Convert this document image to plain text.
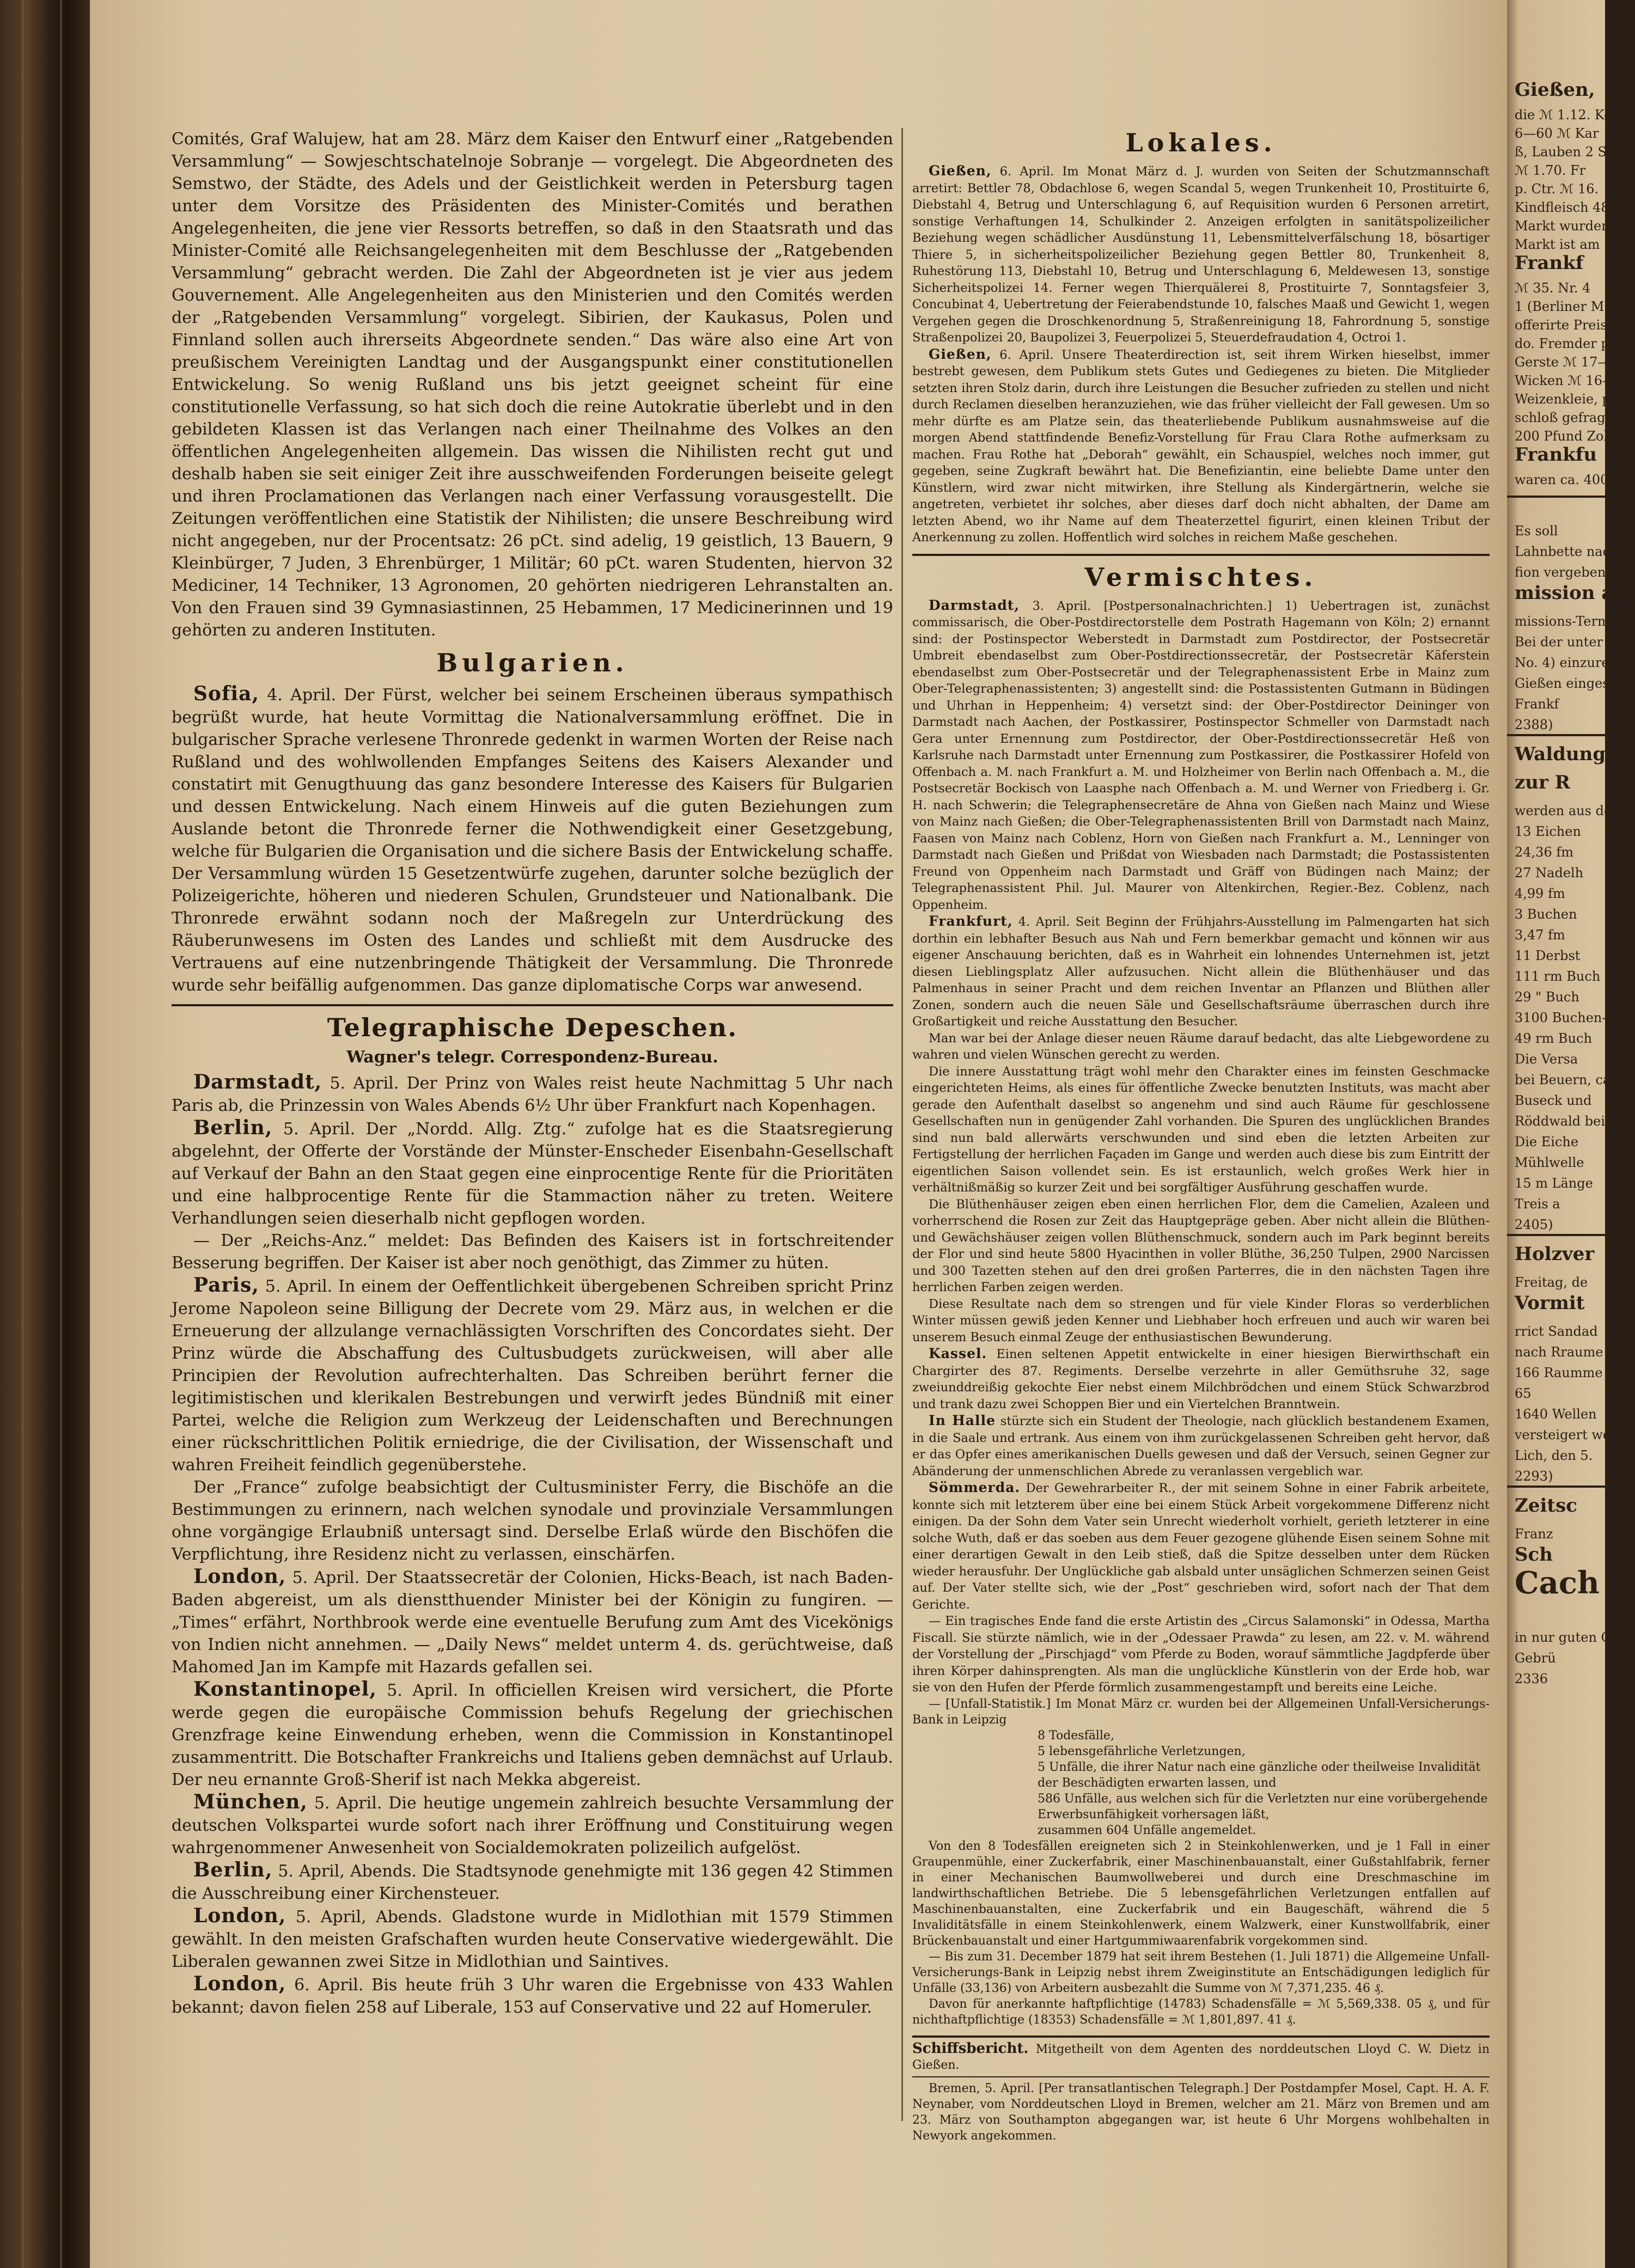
Comités, Graf Walujew, hat am 28. März dem Kaiser den Entwurf einer „Ratgebenden Versammlung“ — Sowjeschtschatelnoje Sobranje — vorgelegt. Die Abgeordneten des Semstwo, der Städte, des Adels und der Geistlichkeit werden in Petersburg tagen unter dem Vorsitze des Präsidenten des Minister-Comités und berathen Angelegenheiten, die jene vier Ressorts betreffen, so daß in den Staatsrath und das Minister-Comité alle Reichsangelegenheiten mit dem Beschlusse der „Ratgebenden Versammlung“ gebracht werden. Die Zahl der Abgeordneten ist je vier aus jedem Gouvernement. Alle Angelegenheiten aus den Ministerien und den Comités werden der „Ratgebenden Versammlung“ vorgelegt. Sibirien, der Kaukasus, Polen und Finnland sollen auch ihrerseits Abgeordnete senden.“ Das wäre also eine Art von preußischem Vereinigten Landtag und der Ausgangspunkt einer constitutionellen Entwickelung. So wenig Rußland uns bis jetzt geeignet scheint für eine constitutionelle Verfassung, so hat sich doch die reine Autokratie überlebt und in den gebildeten Klassen ist das Verlangen nach einer Theilnahme des Volkes an den öffentlichen Angelegenheiten allgemein. Das wissen die Nihilisten recht gut und deshalb haben sie seit einiger Zeit ihre ausschweifenden Forderungen beiseite gelegt und ihren Proclamationen das Verlangen nach einer Verfassung vorausgestellt. Die Zeitungen veröffentlichen eine Statistik der Nihilisten; die unsere Beschreibung wird nicht angegeben, nur der Procentsatz: 26 pCt. sind adelig, 19 geistlich, 13 Bauern, 9 Kleinbürger, 7 Juden, 3 Ehrenbürger, 1 Militär; 60 pCt. waren Studenten, hiervon 32 Mediciner, 14 Techniker, 13 Agronomen, 20 gehörten niedrigeren Lehranstalten an. Von den Frauen sind 39 Gymnasiastinnen, 25 Hebammen, 17 Medicinerinnen und 19 gehörten zu anderen Instituten.

Bulgarien.

Sofia, 4. April. Der Fürst, welcher bei seinem Erscheinen überaus sympathisch begrüßt wurde, hat heute Vormittag die Nationalversammlung eröffnet. Die in bulgarischer Sprache verlesene Thronrede gedenkt in warmen Worten der Reise nach Rußland und des wohlwollenden Empfanges Seitens des Kaisers Alexander und constatirt mit Genugthuung das ganz besondere Interesse des Kaisers für Bulgarien und dessen Entwickelung. Nach einem Hinweis auf die guten Beziehungen zum Auslande betont die Thronrede ferner die Nothwendigkeit einer Gesetzgebung, welche für Bulgarien die Organisation und die sichere Basis der Entwickelung schaffe. Der Versammlung würden 15 Gesetzentwürfe zugehen, darunter solche bezüglich der Polizeigerichte, höheren und niederen Schulen, Grundsteuer und Nationalbank. Die Thronrede erwähnt sodann noch der Maßregeln zur Unterdrückung des Räuberunwesens im Osten des Landes und schließt mit dem Ausdrucke des Vertrauens auf eine nutzenbringende Thätigkeit der Versammlung. Die Thronrede wurde sehr beifällig aufgenommen. Das ganze diplomatische Corps war anwesend.

Telegraphische Depeschen.
Wagner's telegr. Correspondenz-Bureau.

Darmstadt, 5. April. Der Prinz von Wales reist heute Nachmittag 5 Uhr nach Paris ab, die Prinzessin von Wales Abends 6½ Uhr über Frankfurt nach Kopenhagen.

Berlin, 5. April. Der „Nordd. Allg. Ztg.“ zufolge hat es die Staatsregierung abgelehnt, der Offerte der Vorstände der Münster-Enscheder Eisenbahn-Gesellschaft auf Verkauf der Bahn an den Staat gegen eine einprocentige Rente für die Prioritäten und eine halbprocentige Rente für die Stammaction näher zu treten. Weitere Verhandlungen seien dieserhalb nicht gepflogen worden.

— Der „Reichs-Anz.“ meldet: Das Befinden des Kaisers ist in fortschreitender Besserung begriffen. Der Kaiser ist aber noch genöthigt, das Zimmer zu hüten.

Paris, 5. April. In einem der Oeffentlichkeit übergebenen Schreiben spricht Prinz Jerome Napoleon seine Billigung der Decrete vom 29. März aus, in welchen er die Erneuerung der allzulange vernachlässigten Vorschriften des Concordates sieht. Der Prinz würde die Abschaffung des Cultusbudgets zurückweisen, will aber alle Principien der Revolution aufrechterhalten. Das Schreiben berührt ferner die legitimistischen und klerikalen Bestrebungen und verwirft jedes Bündniß mit einer Partei, welche die Religion zum Werkzeug der Leidenschaften und Berechnungen einer rückschrittlichen Politik erniedrige, die der Civilisation, der Wissenschaft und wahren Freiheit feindlich gegenüberstehe.

Der „France“ zufolge beabsichtigt der Cultusminister Ferry, die Bischöfe an die Bestimmungen zu erinnern, nach welchen synodale und provinziale Versammlungen ohne vorgängige Erlaubniß untersagt sind. Derselbe Erlaß würde den Bischöfen die Verpflichtung, ihre Residenz nicht zu verlassen, einschärfen.

London, 5. April. Der Staatssecretär der Colonien, Hicks-Beach, ist nach Baden-Baden abgereist, um als dienstthuender Minister bei der Königin zu fungiren. — „Times“ erfährt, Northbrook werde eine eventuelle Berufung zum Amt des Vicekönigs von Indien nicht annehmen. — „Daily News“ meldet unterm 4. ds. gerüchtweise, daß Mahomed Jan im Kampfe mit Hazards gefallen sei.

Konstantinopel, 5. April. In officiellen Kreisen wird versichert, die Pforte werde gegen die europäische Commission behufs Regelung der griechischen Grenzfrage keine Einwendung erheben, wenn die Commission in Konstantinopel zusammentritt. Die Botschafter Frankreichs und Italiens geben demnächst auf Urlaub. Der neu ernannte Groß-Sherif ist nach Mekka abgereist.

München, 5. April. Die heutige ungemein zahlreich besuchte Versammlung der deutschen Volkspartei wurde sofort nach ihrer Eröffnung und Constituirung wegen wahrgenommener Anwesenheit von Socialdemokraten polizeilich aufgelöst.

Berlin, 5. April, Abends. Die Stadtsynode genehmigte mit 136 gegen 42 Stimmen die Ausschreibung einer Kirchensteuer.

London, 5. April, Abends. Gladstone wurde in Midlothian mit 1579 Stimmen gewählt. In den meisten Grafschaften wurden heute Conservative wiedergewählt. Die Liberalen gewannen zwei Sitze in Midlothian und Saintives.

London, 6. April. Bis heute früh 3 Uhr waren die Ergebnisse von 433 Wahlen bekannt; davon fielen 258 auf Liberale, 153 auf Conservative und 22 auf Homeruler.

Lokales.

Gießen, 6. April. Im Monat März d. J. wurden von Seiten der Schutzmannschaft arretirt: Bettler 78, Obdachlose 6, wegen Scandal 5, wegen Trunkenheit 10, Prostituirte 6, Diebstahl 4, Betrug und Unterschlagung 6, auf Requisition wurden 6 Personen arretirt, sonstige Verhaftungen 14, Schulkinder 2. Anzeigen erfolgten in sanitätspolizeilicher Beziehung wegen schädlicher Ausdünstung 11, Lebensmittelverfälschung 18, bösartiger Thiere 5, in sicherheitspolizeilicher Beziehung gegen Bettler 80, Trunkenheit 8, Ruhestörung 113, Diebstahl 10, Betrug und Unterschlagung 6, Meldewesen 13, sonstige Sicherheitspolizei 14. Ferner wegen Thierquälerei 8, Prostituirte 7, Sonntagsfeier 3, Concubinat 4, Uebertretung der Feierabendstunde 10, falsches Maaß und Gewicht 1, wegen Vergehen gegen die Droschkenordnung 5, Straßenreinigung 18, Fahrordnung 5, sonstige Straßenpolizei 20, Baupolizei 3, Feuerpolizei 5, Steuerdefraudation 4, Octroi 1.

Gießen, 6. April. Unsere Theaterdirection ist, seit ihrem Wirken hieselbst, immer bestrebt gewesen, dem Publikum stets Gutes und Gediegenes zu bieten. Die Mitglieder setzten ihren Stolz darin, durch ihre Leistungen die Besucher zufrieden zu stellen und nicht durch Reclamen dieselben heranzuziehen, wie das früher vielleicht der Fall gewesen. Um so mehr dürfte es am Platze sein, das theaterliebende Publikum ausnahmsweise auf die morgen Abend stattfindende Benefiz-Vorstellung für Frau Clara Rothe aufmerksam zu machen. Frau Rothe hat „Deborah“ gewählt, ein Schauspiel, welches noch immer, gut gegeben, seine Zugkraft bewährt hat. Die Benefiziantin, eine beliebte Dame unter den Künstlern, wird zwar nicht mitwirken, ihre Stellung als Kindergärtnerin, welche sie angetreten, verbietet ihr solches, aber dieses darf doch nicht abhalten, der Dame am letzten Abend, wo ihr Name auf dem Theaterzettel figurirt, einen kleinen Tribut der Anerkennung zu zollen. Hoffentlich wird solches in reichem Maße geschehen.

Vermischtes.

Darmstadt, 3. April. [Postpersonalnachrichten.] 1) Uebertragen ist, zunächst commissarisch, die Ober-Postdirectorstelle dem Postrath Hagemann von Köln; 2) ernannt sind: der Postinspector Weberstedt in Darmstadt zum Postdirector, der Postsecretär Umbreit ebendaselbst zum Ober-Postdirectionssecretär, der Postsecretär Käferstein ebendaselbst zum Ober-Postsecretär und der Telegraphenassistent Erbe in Mainz zum Ober-Telegraphenassistenten; 3) angestellt sind: die Postassistenten Gutmann in Büdingen und Uhrhan in Heppenheim; 4) versetzt sind: der Ober-Postdirector Deininger von Darmstadt nach Aachen, der Postkassirer, Postinspector Schmeller von Darmstadt nach Gera unter Ernennung zum Postdirector, der Ober-Postdirectionssecretär Heß von Karlsruhe nach Darmstadt unter Ernennung zum Postkassirer, die Postkassirer Hofeld von Offenbach a. M. nach Frankfurt a. M. und Holzheimer von Berlin nach Offenbach a. M., die Postsecretär Bockisch von Laasphe nach Offenbach a. M. und Werner von Friedberg i. Gr. H. nach Schwerin; die Telegraphensecretäre de Ahna von Gießen nach Mainz und Wiese von Mainz nach Gießen; die Ober-Telegraphenassistenten Brill von Darmstadt nach Mainz, Faasen von Mainz nach Coblenz, Horn von Gießen nach Frankfurt a. M., Lenninger von Darmstadt nach Gießen und Prißdat von Wiesbaden nach Darmstadt; die Postassistenten Freund von Oppenheim nach Darmstadt und Gräff von Büdingen nach Mainz; der Telegraphenassistent Phil. Jul. Maurer von Altenkirchen, Regier.-Bez. Coblenz, nach Oppenheim.

Frankfurt, 4. April. Seit Beginn der Frühjahrs-Ausstellung im Palmengarten hat sich dorthin ein lebhafter Besuch aus Nah und Fern bemerkbar gemacht und können wir aus eigener Anschauung berichten, daß es in Wahrheit ein lohnendes Unternehmen ist, jetzt diesen Lieblingsplatz Aller aufzusuchen. Nicht allein die Blüthenhäuser und das Palmenhaus in seiner Pracht und dem reichen Inventar an Pflanzen und Blüthen aller Zonen, sondern auch die neuen Säle und Gesellschaftsräume überraschen durch ihre Großartigkeit und reiche Ausstattung den Besucher.

Man war bei der Anlage dieser neuen Räume darauf bedacht, das alte Liebgewordene zu wahren und vielen Wünschen gerecht zu werden.

Die innere Ausstattung trägt wohl mehr den Charakter eines im feinsten Geschmacke eingerichteten Heims, als eines für öffentliche Zwecke benutzten Instituts, was macht aber gerade den Aufenthalt daselbst so angenehm und sind auch Räume für geschlossene Gesellschaften nun in genügender Zahl vorhanden. Die Spuren des unglücklichen Brandes sind nun bald allerwärts verschwunden und sind eben die letzten Arbeiten zur Fertigstellung der herrlichen Façaden im Gange und werden auch diese bis zum Eintritt der eigentlichen Saison vollendet sein. Es ist erstaunlich, welch großes Werk hier in verhältnißmäßig so kurzer Zeit und bei sorgfältiger Ausführung geschaffen wurde.

Die Blüthenhäuser zeigen eben einen herrlichen Flor, dem die Camelien, Azaleen und vorherrschend die Rosen zur Zeit das Hauptgepräge geben. Aber nicht allein die Blüthen- und Gewächshäuser zeigen vollen Blüthenschmuck, sondern auch im Park beginnt bereits der Flor und sind heute 5800 Hyacinthen in voller Blüthe, 36,250 Tulpen, 2900 Narcissen und 300 Tazetten stehen auf den drei großen Parterres, die in den nächsten Tagen ihre herrlichen Farben zeigen werden.

Diese Resultate nach dem so strengen und für viele Kinder Floras so verderblichen Winter müssen gewiß jeden Kenner und Liebhaber hoch erfreuen und auch wir waren bei unserem Besuch einmal Zeuge der enthusiastischen Bewunderung.

Kassel. Einen seltenen Appetit entwickelte in einer hiesigen Bierwirthschaft ein Chargirter des 87. Regiments. Derselbe verzehrte in aller Gemüthsruhe 32, sage zweiunddreißig gekochte Eier nebst einem Milchbrödchen und einem Stück Schwarzbrod und trank dazu zwei Schoppen Bier und ein Viertelchen Branntwein.

In Halle stürzte sich ein Student der Theologie, nach glücklich bestandenem Examen, in die Saale und ertrank. Aus einem von ihm zurückgelassenen Schreiben geht hervor, daß er das Opfer eines amerikanischen Duells gewesen und daß der Versuch, seinen Gegner zur Abänderung der unmenschlichen Abrede zu veranlassen vergeblich war.

Sömmerda. Der Gewehrarbeiter R., der mit seinem Sohne in einer Fabrik arbeitete, konnte sich mit letzterem über eine bei einem Stück Arbeit vorgekommene Differenz nicht einigen. Da der Sohn dem Vater sein Unrecht wiederholt vorhielt, gerieth letzterer in eine solche Wuth, daß er das soeben aus dem Feuer gezogene glühende Eisen seinem Sohne mit einer derartigen Gewalt in den Leib stieß, daß die Spitze desselben unter dem Rücken wieder herausfuhr. Der Unglückliche gab alsbald unter unsäglichen Schmerzen seinen Geist auf. Der Vater stellte sich, wie der „Post“ geschrieben wird, sofort nach der That dem Gerichte.

— Ein tragisches Ende fand die erste Artistin des „Circus Salamonski“ in Odessa, Martha Fiscall. Sie stürzte nämlich, wie in der „Odessaer Prawda“ zu lesen, am 22. v. M. während der Vorstellung der „Pirschjagd“ vom Pferde zu Boden, worauf sämmtliche Jagdpferde über ihren Körper dahinsprengten. Als man die unglückliche Künstlerin von der Erde hob, war sie von den Hufen der Pferde förmlich zusammengestampft und bereits eine Leiche.

— [Unfall-Statistik.] Im Monat März cr. wurden bei der Allgemeinen Unfall-Versicherungs-Bank in Leipzig

8 Todesfälle,

5 lebensgefährliche Verletzungen,

5 Unfälle, die ihrer Natur nach eine gänzliche oder theilweise Invalidität der Beschädigten erwarten lassen, und

586 Unfälle, aus welchen sich für die Verletzten nur eine vorübergehende Erwerbsunfähigkeit vorhersagen läßt,

zusammen 604 Unfälle angemeldet.

Von den 8 Todesfällen ereigneten sich 2 in Steinkohlenwerken, und je 1 Fall in einer Graupenmühle, einer Zuckerfabrik, einer Maschinenbauanstalt, einer Gußstahlfabrik, ferner in einer Mechanischen Baumwollweberei und durch eine Dreschmaschine im landwirthschaftlichen Betriebe. Die 5 lebensgefährlichen Verletzungen entfallen auf Maschinenbauanstalten, eine Zuckerfabrik und ein Baugeschäft, während die 5 Invaliditätsfälle in einem Steinkohlenwerk, einem Walzwerk, einer Kunstwollfabrik, einer Brückenbauanstalt und einer Hartgummiwaarenfabrik vorgekommen sind.

— Bis zum 31. December 1879 hat seit ihrem Bestehen (1. Juli 1871) die Allgemeine Unfall-Versicherungs-Bank in Leipzig nebst ihrem Zweiginstitute an Entschädigungen lediglich für Unfälle (33,136) von Arbeitern ausbezahlt die Summe von ℳ 7,371,235. 46 ₰.

Davon für anerkannte haftpflichtige (14783) Schadensfälle = ℳ 5,569,338. 05 ₰, und für nichthaftpflichtige (18353) Schadensfälle = ℳ 1,801,897. 41 ₰.

Schiffsbericht. Mitgetheilt von dem Agenten des norddeutschen Lloyd C. W. Dietz in Gießen.

Bremen, 5. April. [Per transatlantischen Telegraph.] Der Postdampfer Mosel, Capt. H. A. F. Neynaber, vom Norddeutschen Lloyd in Bremen, welcher am 21. März von Bremen und am 23. März von Southampton abgegangen war, ist heute 6 Uhr Morgens wohlbehalten in Newyork angekommen.

Gießen,
die ℳ 1.12. Kön
6—60 ℳ Kar
ß, Lauben 2 Schm
ℳ 1.70. Fr
p. Ctr. ℳ 16.
Kindfleisch 48—
Markt wurden
Markt ist am
Frankf
ℳ 35. Nr. 4
1 (Berliner M
offerirte Preis
do. Fremder p
Gerste ℳ 17—2
Wicken ℳ 16—
Weizenkleie, pro
schloß gefragt w
200 Pfund Zoll
Frankfu
waren ca. 400
Es soll
Lahnbette nach
fion vergeben
mission au
missions-Termi
Bei der unter
No. 4) einzure
Gießen eingese
Frankf
2388)
Waldungen
zur R
werden aus de
13 Eichen
24,36 fm
27 Nadelh
4,99 fm
3 Buchen
3,47 fm
11 Derbst
111 rm Buch
29 " Buch
3100 Buchen-
49 rm Buch
Die Versa
bei Beuern, ca
Buseck und
Röddwald bei
Die Eiche
Mühlwelle
15 m Länge
Treis a
2405)
Holzver
Freitag, de
Vormit
rrict Sandad
nach Rraume
166 Raumme
65
1640 Wellen
versteigert we
Lich, den 5.
2293)
Zeitsc
Franz
Sch
Cach
in nur guten Q
Gebrü
2336
